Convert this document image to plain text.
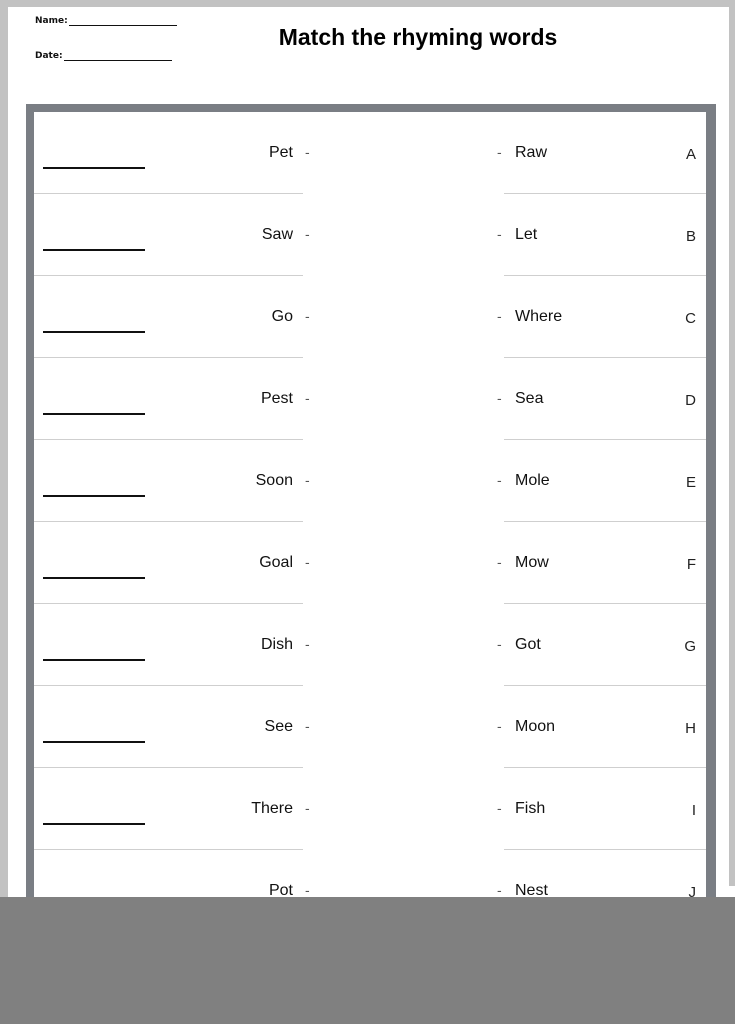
Name:
Date:
Match the rhyming words
Pet -	- Raw	A
Saw -	- Let	B
Go -	- Where	C
Pest -	- Sea	D
Soon -	- Mole	E
Goal -	- Mow	F
Dish -	- Got	G
See -	- Moon	H
There -	- Fish	I
Pot -	- Nest	J
